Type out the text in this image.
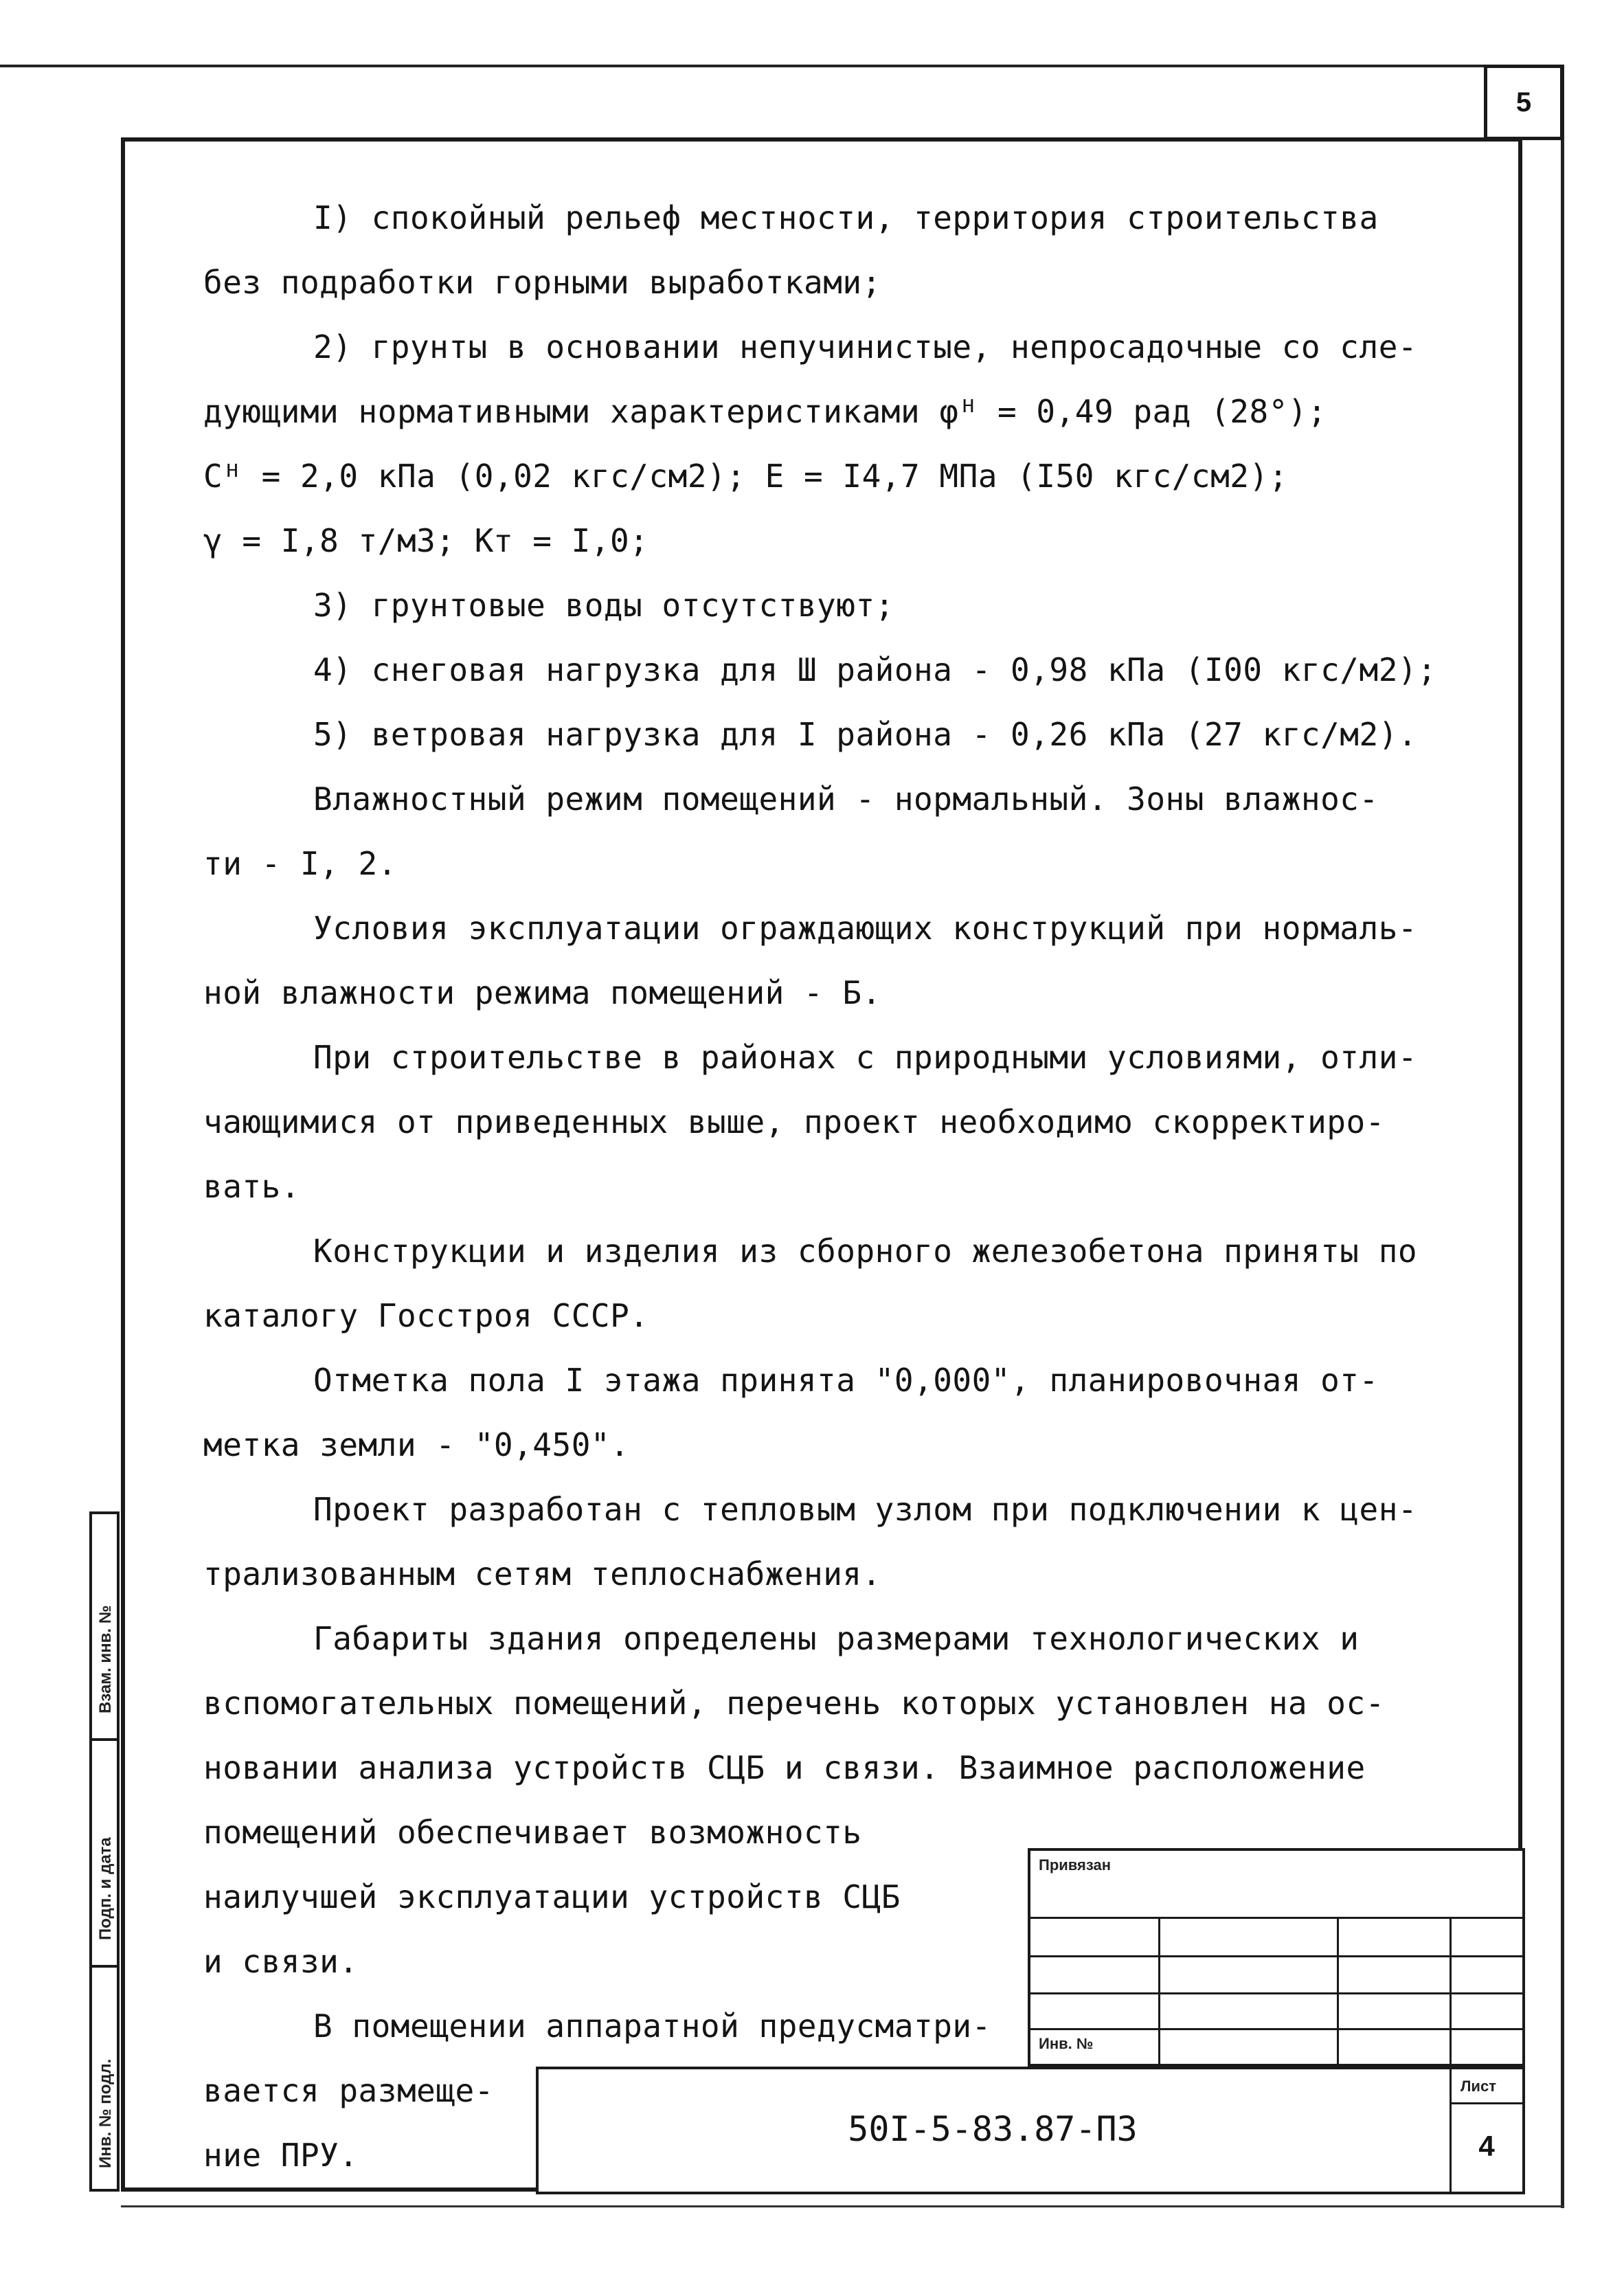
5

I) спокойный рельеф местности, территория строительства

без подработки горными выработками;

2) грунты в основании непучинистые, непросадочные со сле-

дующими нормативными характеристиками φᴴ = 0,49 рад (28°);

Cᴴ = 2,0 кПа (0,02 кгс/см2); E = I4,7 МПа (I50 кгс/см2);

γ = I,8 т/м3; Kᴛ = I,0;

3) грунтовые воды отсутствуют;

4) снеговая нагрузка для Ш района - 0,98 кПа (I00 кгс/м2);

5) ветровая нагрузка для I района - 0,26 кПа (27 кгс/м2).

Влажностный режим помещений - нормальный. Зоны влажнос-

ти - I, 2.

Условия эксплуатации ограждающих конструкций при нормаль-

ной влажности режима помещений - Б.

При строительстве в районах с природными условиями, отли-

чающимися от приведенных выше, проект необходимо скорректиро-

вать.

Конструкции и изделия из сборного железобетона приняты по

каталогу Госстроя СССР.

Отметка пола I этажа принята "0,000", планировочная от-

метка земли - "0,450".

Проект разработан с тепловым узлом при подключении к цен-

трализованным сетям теплоснабжения.

Габариты здания определены размерами технологических и

вспомогательных помещений, перечень которых установлен на ос-

новании анализа устройств СЦБ и связи. Взаимное расположение

помещений обеспечивает возможность

наилучшей эксплуатации устройств СЦБ

и связи.

В помещении аппаратной предусматри-

вается размеще-

ние ПРУ.

Взам. инв. №
Подп. и дата
Инв. № подл.
Привязан
Инв. №
Лист
50I-5-83.87-ПЗ	4
